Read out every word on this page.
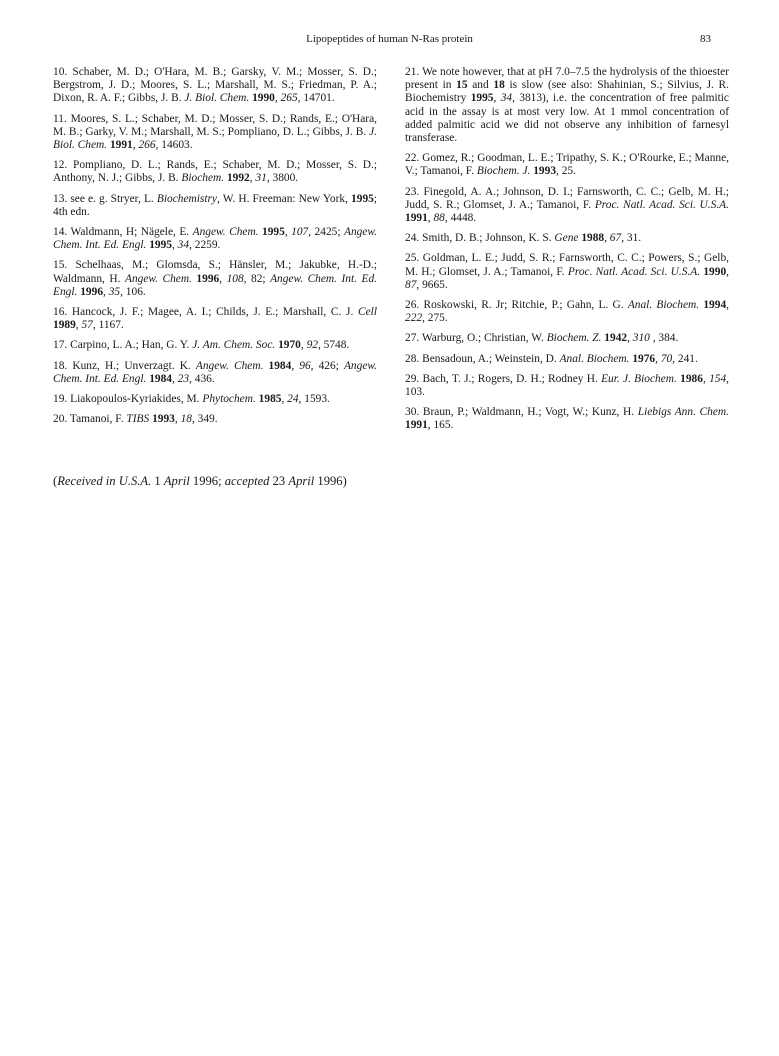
Lipopeptides of human N-Ras protein	83

10. Schaber, M. D.; O'Hara, M. B.; Garsky, V. M.; Mosser, S. D.; Bergstrom, J. D.; Moores, S. L.; Marshall, M. S.; Friedman, P. A.; Dixon, R. A. F.; Gibbs, J. B. J. Biol. Chem. 1990, 265, 14701.

11. Moores, S. L.; Schaber, M. D.; Mosser, S. D.; Rands, E.; O'Hara, M. B.; Garky, V. M.; Marshall, M. S.; Pompliano, D. L.; Gibbs, J. B. J. Biol. Chem. 1991, 266, 14603.

12. Pompliano, D. L.; Rands, E.; Schaber, M. D.; Mosser, S. D.; Anthony, N. J.; Gibbs, J. B. Biochem. 1992, 31, 3800.

13. see e. g. Stryer, L. Biochemistry, W. H. Freeman: New York, 1995; 4th edn.

14. Waldmann, H; Nägele, E. Angew. Chem. 1995, 107, 2425; Angew. Chem. Int. Ed. Engl. 1995, 34, 2259.

15. Schelhaas, M.; Glomsda, S.; Hänsler, M.; Jakubke, H.-D.; Waldmann, H. Angew. Chem. 1996, 108, 82; Angew. Chem. Int. Ed. Engl. 1996, 35, 106.

16. Hancock, J. F.; Magee, A. I.; Childs, J. E.; Marshall, C. J. Cell 1989, 57, 1167.

17. Carpino, L. A.; Han, G. Y. J. Am. Chem. Soc. 1970, 92, 5748.

18. Kunz, H.; Unverzagt. K. Angew. Chem. 1984, 96, 426; Angew. Chem. Int. Ed. Engl. 1984, 23, 436.

19. Liakopoulos-Kyriakides, M. Phytochem. 1985, 24, 1593.

20. Tamanoi, F. TIBS 1993, 18, 349.

21. We note however, that at pH 7.0–7.5 the hydrolysis of the thioester present in 15 and 18 is slow (see also: Shahinian, S.; Silvius, J. R. Biochemistry 1995, 34, 3813), i.e. the concentration of free palmitic acid in the assay is at most very low. At 1 mmol concentration of added palmitic acid we did not observe any inhibition of farnesyl transferase.

22. Gomez, R.; Goodman, L. E.; Tripathy, S. K.; O'Rourke, E.; Manne, V.; Tamanoi, F. Biochem. J. 1993, 25.

23. Finegold, A. A.; Johnson, D. I.; Farnsworth, C. C.; Gelb, M. H.; Judd, S. R.; Glomset, J. A.; Tamanoi, F. Proc. Natl. Acad. Sci. U.S.A. 1991, 88, 4448.

24. Smith, D. B.; Johnson, K. S. Gene 1988, 67, 31.

25. Goldman, L. E.; Judd, S. R.; Farnsworth, C. C.; Powers, S.; Gelb, M. H.; Glomset, J. A.; Tamanoi, F. Proc. Natl. Acad. Sci. U.S.A. 1990, 87, 9665.

26. Roskowski, R. Jr; Ritchie, P.; Gahn, L. G. Anal. Biochem. 1994, 222, 275.

27. Warburg, O.; Christian, W. Biochem. Z. 1942, 310 , 384.

28. Bensadoun, A.; Weinstein, D. Anal. Biochem. 1976, 70, 241.

29. Bach, T. J.; Rogers, D. H.; Rodney H. Eur. J. Biochem. 1986, 154, 103.

30. Braun, P.; Waldmann, H.; Vogt, W.; Kunz, H. Liebigs Ann. Chem. 1991, 165.

(Received in U.S.A. 1 April 1996; accepted 23 April 1996)
